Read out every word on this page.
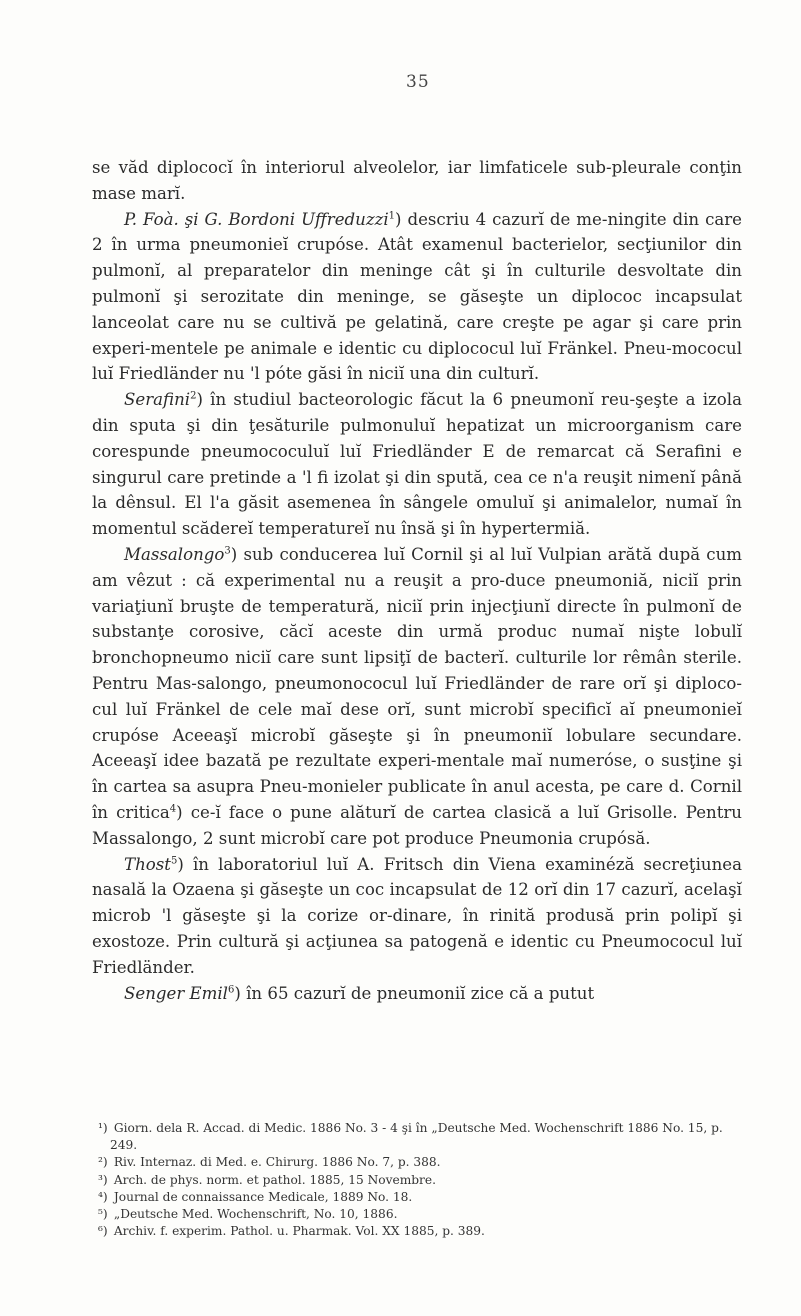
35

se văd diplococĭ în interiorul alveolelor, iar limfaticele sub-pleurale conţin mase marĭ.

P. Foà. şi G. Bordoni Uffreduzzi$^1$) descriu 4 cazurĭ de me-ningite din care 2 în urma pneumonieĭ crupóse. Atât examenul bacterielor, secţiunilor din pulmonĭ, al preparatelor din meninge cât şi în culturile desvoltate din pulmonĭ şi serozitate din meninge, se găseşte un diplococ incapsulat lanceolat care nu se cultivă pe gelatină, care creşte pe agar şi care prin experi-mentele pe animale e identic cu diplococul luĭ Fränkel. Pneu-mococul luĭ Friedländer nu 'l póte găsi în niciĭ una din culturĭ.

Serafini$^2$) în studiul bacteorologic făcut la 6 pneumonĭ reu-şeşte a izola din sputa şi din ţesăturile pulmonuluĭ hepatizat un microorganism care corespunde pneumococuluĭ luĭ Friedländer E de remarcat că Serafini e singurul care pretinde a 'l fi izolat şi din spută, cea ce n'a reuşit nimenĭ până la dênsul. El l'a găsit asemenea în sângele omuluĭ şi animalelor, numaĭ în momentul scădereĭ temperatureĭ nu însă şi în hypertermiă.

Massalongo$^3$) sub conducerea luĭ Cornil şi al luĭ Vulpian arătă după cum am vêzut : că experimental nu a reuşit a pro-duce pneumoniă, niciĭ prin variaţiunĭ bruşte de temperatură, niciĭ prin injecţiunĭ directe în pulmonĭ de substanţe corosive, căcĭ aceste din urmă produc numaĭ nişte lobulĭ bronchopneumo niciĭ care sunt lipsiţĭ de bacterĭ. culturile lor rêmân sterile. Pentru Mas-salongo, pneumonococul luĭ Friedländer de rare orĭ şi diploco-cul luĭ Fränkel de cele maĭ dese orĭ, sunt microbĭ specificĭ aĭ pneumonieĭ crupóse Aceeaşĭ microbĭ găseşte şi în pneumoniĭ lobulare secundare. Aceeaşĭ idee bazată pe rezultate experi-mentale maĭ numeróse, o susţine şi în cartea sa asupra Pneu-monieler publicate în anul acesta, pe care d. Cornil în critica$^4$) ce-ĭ face o pune alăturĭ de cartea clasică a luĭ Grisolle. Pentru Massalongo, 2 sunt microbĭ care pot produce Pneumonia crupósă.

Thost$^5$) în laboratoriul luĭ A. Fritsch din Viena examinéză secreţiunea nasală la Ozaena şi găseşte un coc incapsulat de 12 orĭ din 17 cazurĭ, acelaşĭ microb 'l găseşte şi la corize or-dinare, în rinită produsă prin polipĭ şi exostoze. Prin cultură şi acţiunea sa patogenă e identic cu Pneumococul luĭ Friedländer.

Senger Emil$^6$) în 65 cazurĭ de pneumoniĭ zice că a putut

¹) Giorn. dela R. Accad. di Medic. 1886 No. 3 - 4 şi în „Deutsche Med. Wochenschrift 1886 No. 15, p. 249.
²) Riv. Internaz. di Med. e. Chirurg. 1886 No. 7, p. 388.
³) Arch. de phys. norm. et pathol. 1885, 15 Novembre.
⁴) Journal de connaissance Medicale, 1889 No. 18.
⁵) „Deutsche Med. Wochenschrift, No. 10, 1886.
⁶) Archiv. f. experim. Pathol. u. Pharmak. Vol. XX 1885, p. 389.
